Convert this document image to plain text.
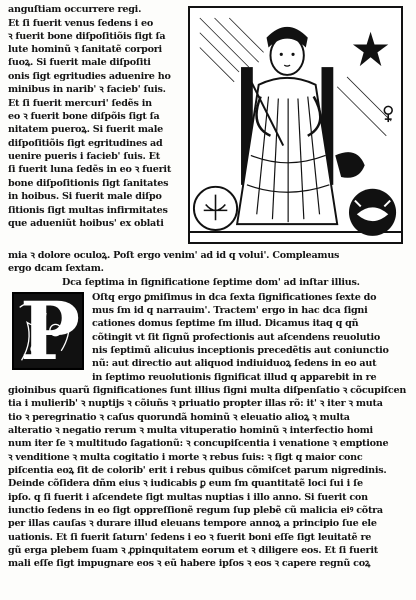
anguſtiam occurrere regi.
Et ſi fuerit venus ſedens i eo
ꝛ fuerit bone diſpoſitiõis ſigt ſa
lute hominũ ꝛ ſanitatẽ corpori
ſuoꝝ. Si fuerit male diſpoſiti
onis ſigt egritudies aduenire ho
minibus in narib' ꝛ facieb' ſuis.
Et ſi fuerit mercuri' ſedẽs in
eo ꝛ fuerit bone diſpõis ſigt ſa
nitatem pueroꝝ. Si fuerit male
diſpoſitiõis ſigt egritudines ad
uenire pueris i facieb' ſuis. Et
ſi fuerit luna ſedẽs in eo ꝛ fuerit
bone diſpoſitionis ſigt ſanitates
in hoibus. Si fuerit male diſpo
ſitionis ſigt multas infirmitates
que adueniũt hoibus' ex oblati
mia ꝛ dolore oculoꝝ. Poſt ergo venim' ad id q volui'. Compleamus
ergo dcam ſextam.
Dca ſeptima in ſignificatione ſeptime dom' ad inſtar illius.
P Oſtq ergo ꝑmiſimus in dca ſexta ſignificationes ſexte do
mus ſm id q narrauim'. Tractem' ergo in hac dca ſigni
cationes domus ſeptime ſm illud. Dicamus itaq q qñ
cõtingit vt ſit ſignũ profectionis aut aſcendens reuolutio
nis ſeptimũ alicuius inceptionis precedẽtis aut coniunctio
nũ: aut directio aut aliquod indiuiduoꝝ ſedens in eo aut
in ſeptimo reuolutionis ſignificat illud q apparebit in re
gioinibus quarũ ſignificationes ſunt illius ſigni multa diſpenſatio ꝛ cõcupiſcen
tia i mulierib' ꝛ nuptijs ꝛ cõiuñs ꝛ priuatio propter illas rõ: it' ꝛ iter ꝛ muta
tio ꝛ peregrinatio ꝛ caſus quorundã hominũ ꝛ eleuatio alioꝝ ꝛ multa
alteratio ꝛ negatio rerum ꝛ multa vituperatio hominũ ꝛ interfectio homi
num iter ſe ꝛ multitudo ſagationũ: ꝛ concupiſcentia i venatione ꝛ emptione
ꝛ venditione ꝛ multa cogitatio i morte ꝛ rebus ſuis: ꝛ ſigt q maior conc
piſcentia eoꝝ ſit de colorib' erit i rebus quibus cõmiſcet parum nigredinis.
Deinde cõſidera dñm eius ꝛ iudicabis ꝑ eum ſm quantitatẽ loci ſui i ſe
ipſo. q ſi fuerit i aſcendete ſigt multas nuptias i illo anno. Si fuerit con
iunctio ſedens in eo ſigt oppreſſionẽ regum ſup plebẽ cũ malicia eiꝰ cõtra
per illas cauſas ꝛ durare illud eleuans tempore annoꝝ a principio ſue ele
uationis. Et ſi fuerit ſaturn' ſedens i eo ꝛ fuerit boni eſſe ſigt leuitatẽ re
gũ erga plebem ſuam ꝛ ꝓpinquitatem eorum et ꝛ diligere eos. Et ſi fuerit
mali eſſe ſigt impugnare eos ꝛ eũ habere ipſos ꝛ eos ꝛ capere regnũ coꝝ
